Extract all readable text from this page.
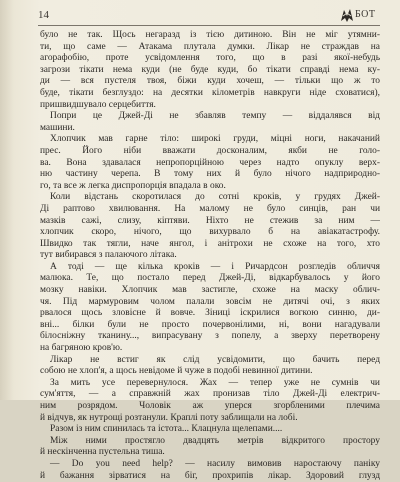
14	БОТ
було не так. Щось негаразд із тією дитиною. Він не міг утямни-
ти, що саме — Атакама плутала думки. Лікар не страждав на
агорафобію, проте усвідомлення того, що в разі якої-небудь
загрози тікати нема куди (не буде куди, бо тікати справді нема ку-
ди — вся пустеля твоя, біжи куди хочеш, — тільки що ж то
буде, тікати безглуздо: на десятки кілометрів навкруги ніде сховатися),
пришвидшувало серцебиття.
Попри це Джей-Ді не збавляв темпу — віддалявся від
машини.
Хлопчик мав гарне тіло: широкі груди, міцні ноги, накачаний
прес. Його ніби вважати досконалим, якби не голо-
ва. Вона здавалася непропорційною через надто опуклу верх-
ню частину черепа. В тому них й було нічого надприродно-
го, та все ж легка диспропорція впадала в око.
Коли відстань скоротилася до сотні кроків, у грудях Джей-
Ді раптово хвилювання. На малому не було синців, ран чи
мазків сажі, слизу, кіптяви. Ніхто не стежив за ним —
хлопчик скоро, нічого, що вихурвало б на авіакатастрофу.
Швидко так тягли, наче янгол, і анітрохи не схоже на того, хто
тут вибирався з палаючого літака.
А тоді — ще кілька кроків — і Ричардсон розгледів обличчя
малюка. Те, що постало перед Джей-Ді, відкарбувалось у його
мозку навіки. Хлопчик мав застигле, схоже на маску облич-
чя. Під мармуровим чолом палали зовсім не дитячі очі, з яких
рвалося щось зловісне й вовче. Зіниці іскрилися вогкою синню, ди-
вні... білки були не просто почервонілими, ні, вони нагадували
білосніжну тканину..., випрасувану з попелу, а зверху перетворену
на багряною кров'ю.
Лікар не встиг як слід усвідомити, що бачить перед
собою не хлоп'я, а щось невідоме й чуже в подобі невинної дитини.
За мить усе перевернулося. Жах — тепер уже не сумнів чи
сум'яття, — а справжній жах пронизав тіло Джей-Ді електрич-
ним розрядом. Чоловік аж уперся згорбленими плечима
й відчув, як нутрощі розтанули. Краплі поту заблищали на лобі.
Разом із ним спинилась та істота... Клацнула щелепами....
Між ними простягло двадцять метрів відкритого простору
й нескінченна пустельна тиша.
— Do you need help? — насилу вимовив наростаючу паніку
й бажання зірватися на біг, прохрипів лікар. Здоровий глузд
